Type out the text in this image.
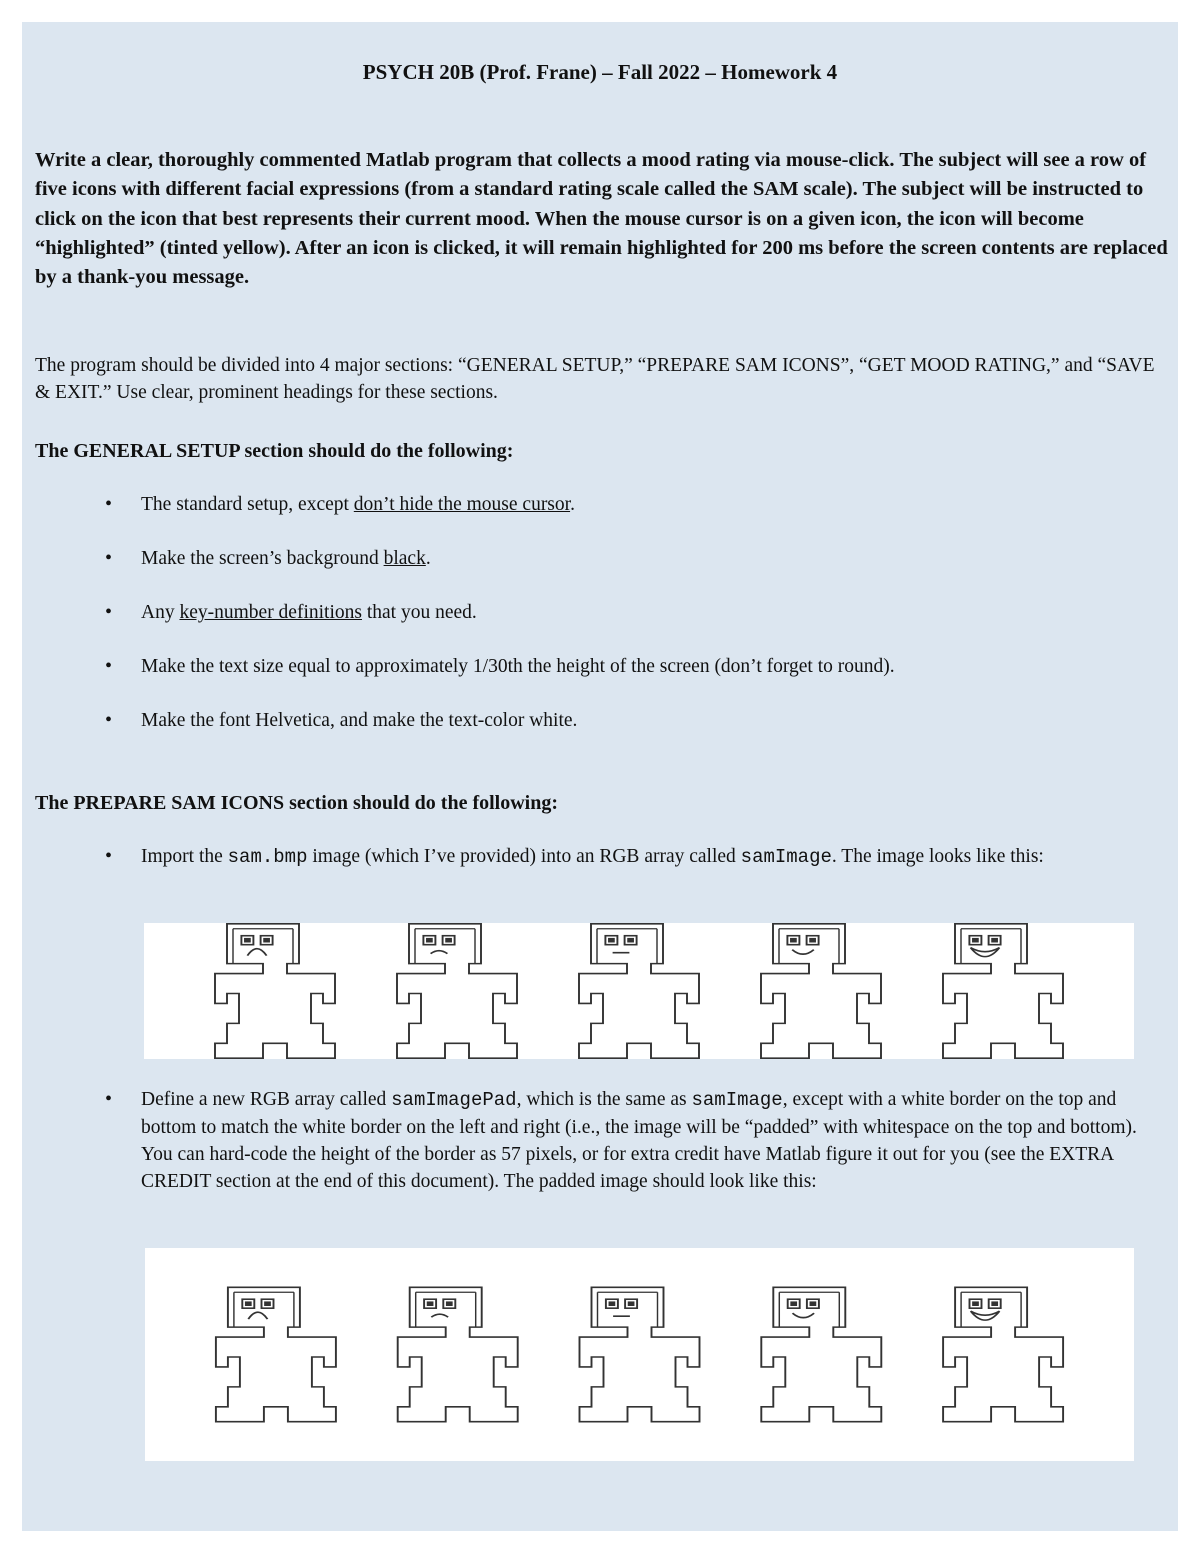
PSYCH 20B (Prof. Frane) – Fall 2022 – Homework 4

Write a clear, thoroughly commented Matlab program that collects a mood rating via mouse-click. The subject will see a row of five icons with different facial expressions (from a standard rating scale called the SAM scale). The subject will be instructed to click on the icon that best represents their current mood. When the mouse cursor is on a given icon, the icon will become “highlighted” (tinted yellow). After an icon is clicked, it will remain highlighted for 200 ms before the screen contents are replaced by a thank-you message.

The program should be divided into 4 major sections: “GENERAL SETUP,” “PREPARE SAM ICONS”, “GET MOOD RATING,” and “SAVE & EXIT.” Use clear, prominent headings for these sections.

The GENERAL SETUP section should do the following:

• The standard setup, except don’t hide the mouse cursor.
• Make the screen’s background black.
• Any key-number definitions that you need.
• Make the text size equal to approximately 1/30th the height of the screen (don’t forget to round).
• Make the font Helvetica, and make the text-color white.

The PREPARE SAM ICONS section should do the following:

• Import the sam.bmp image (which I’ve provided) into an RGB array called samImage. The image looks like this:
• Define a new RGB array called samImagePad, which is the same as samImage, except with a white border on the top and bottom to match the white border on the left and right (i.e., the image will be “padded” with whitespace on the top and bottom). You can hard-code the height of the border as 57 pixels, or for extra credit have Matlab figure it out for you (see the EXTRA CREDIT section at the end of this document). The padded image should look like this:
